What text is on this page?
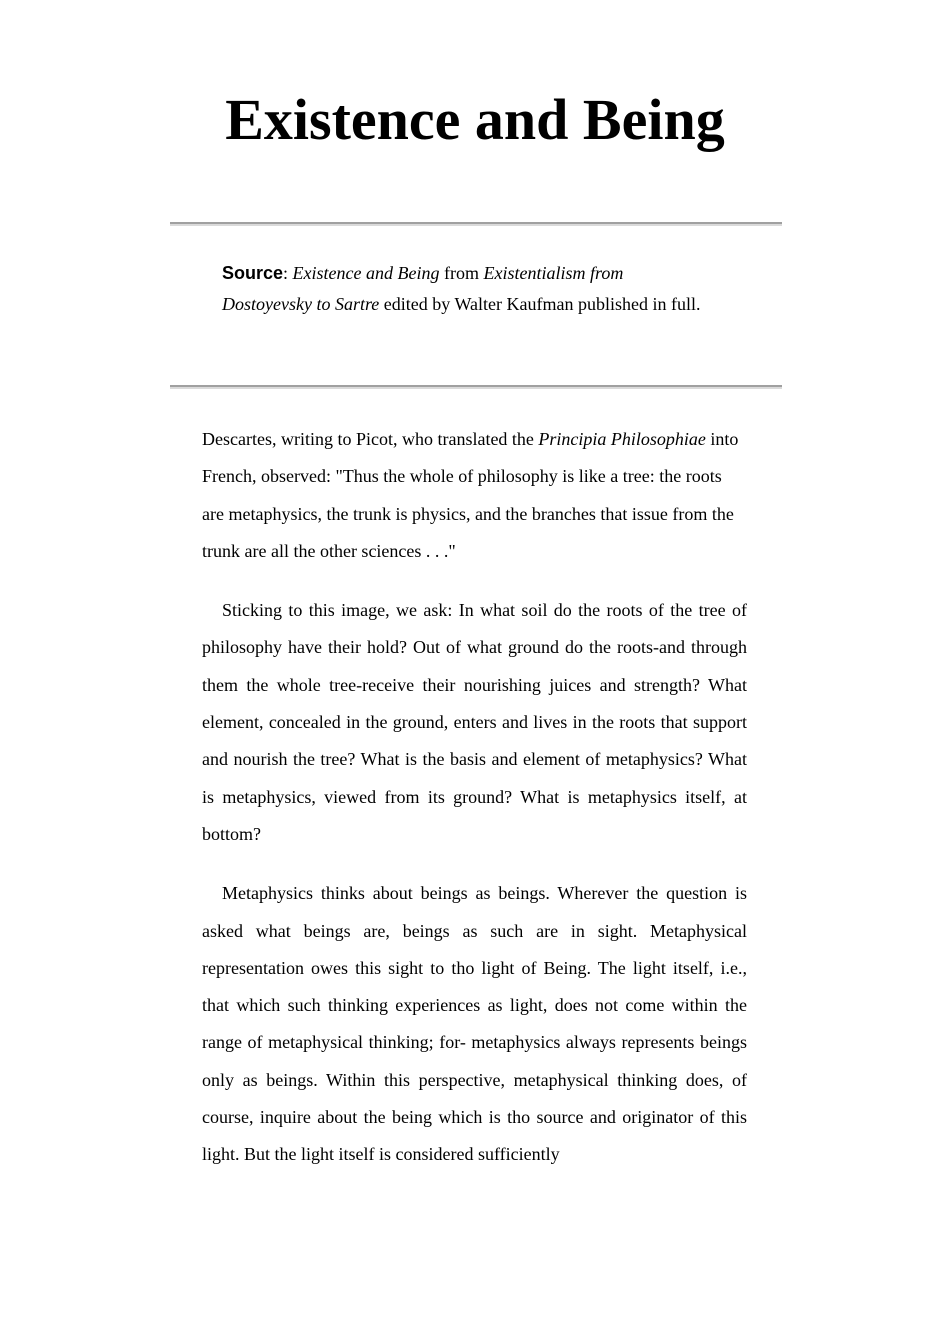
Existence and Being
Source: Existence and Being from Existentialism from Dostoyevsky to Sartre edited by Walter Kaufman published in full.

Descartes, writing to Picot, who translated the Principia Philosophiae into French, observed: "Thus the whole of philosophy is like a tree: the roots are metaphysics, the trunk is physics, and the branches that issue from the trunk are all the other sciences . . ."

Sticking to this image, we ask: In what soil do the roots of the tree of philosophy have their hold? Out of what ground do the roots-and through them the whole tree-receive their nourishing juices and strength? What element, concealed in the ground, enters and lives in the roots that support and nourish the tree? What is the basis and element of metaphysics? What is metaphysics, viewed from its ground? What is metaphysics itself, at bottom?

Metaphysics thinks about beings as beings. Wherever the question is asked what beings are, beings as such are in sight. Metaphysical representation owes this sight to tho light of Being. The light itself, i.e., that which such thinking experiences as light, does not come within the range of metaphysical thinking; for- metaphysics always represents beings only as beings. Within this perspective, metaphysical thinking does, of course, inquire about the being which is tho source and originator of this light. But the light itself is considered sufficiently
